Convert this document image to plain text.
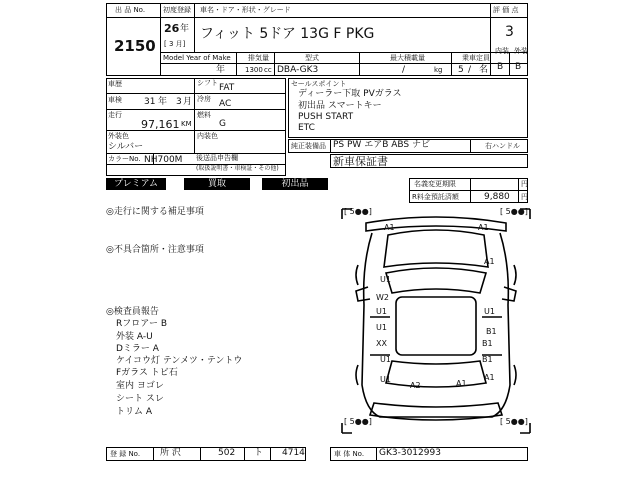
出 品 No.
2150
初度登録
26 年
[ 3 月]
車名・ドア・形状・グレード
フィット 5ドア 13G F PKG
評 価 点
3
Model Year of Make 排気量	型式	最大積載量	乗車定員
内装 外装
年	1300 cc DBA-GK3	/	kg 5 / 名 B B
車歴	シフト FAT
車検 31 年 3 月 冷房 AC
走行
97,161 KM
燃料
G
外装色
シルバー
内装色
カラーNo. NH700M 後送品申告欄
(取扱説明書・車検証・その他)
セールスポイント
ディーラー下取 PVガラス
初出品 スマートキー
PUSH START
ETC
純正装備品 PS PW エアB ABS ナビ	右ハンドル
新車保証書
プレミアム	買取	初出品	名義変更期限	円
R料金預託済額	9,880 円
◎走行に関する補足事項
◎不具合箇所・注意事項
◎検査員報告
Rフロアー B
外装 A-U
Dミラー A
ケイコウ灯 テンメツ・テントウ
Fガラス トビ石
室内 ヨゴレ
シート スレ
トリム A
[ 5●●]	[ 5●●]
[ 5●●]	[ 5●●]
A1	A1
U1
A1
W2
U1	U1
U1	B1
XX	B1
U1	B1
U1
A2	A1
A1
登 録 No. 所 沢	502 ト 4714	車 体 No. GK3-3012993
